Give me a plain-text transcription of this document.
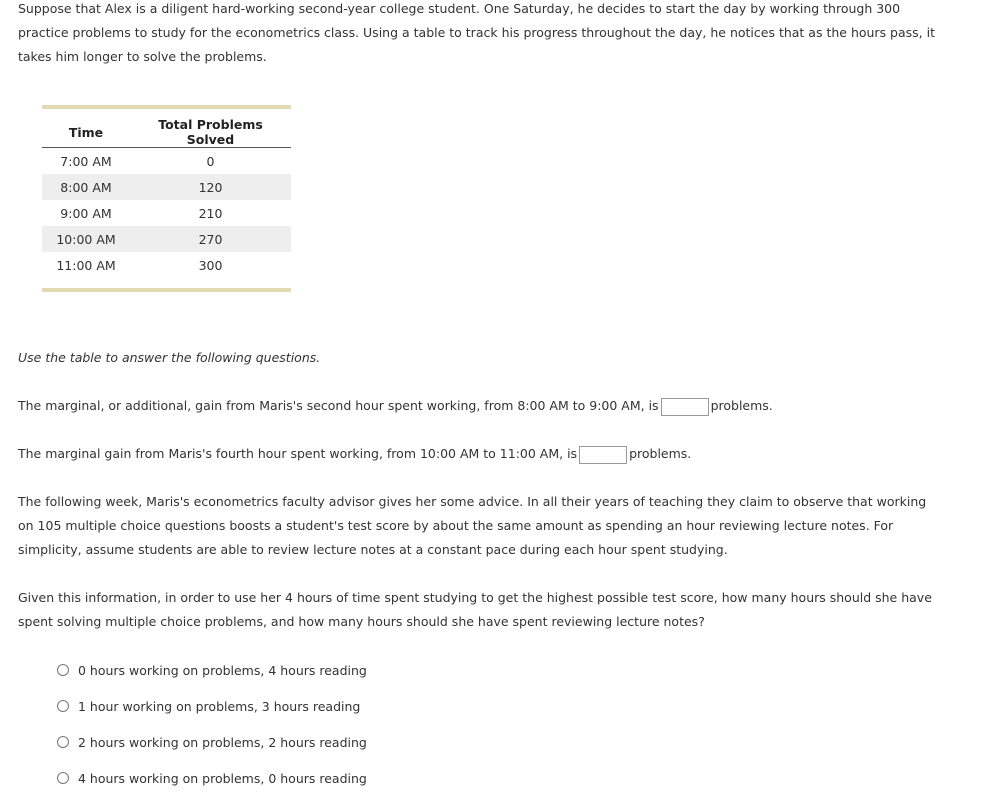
Suppose that Alex is a diligent hard-working second-year college student. One Saturday, he decides to start the day by working through 300 practice problems to study for the econometrics class. Using a table to track his progress throughout the day, he notices that as the hours pass, it takes him longer to solve the problems.

Time	Total Problems Solved
7:00 AM	0
8:00 AM	120
9:00 AM	210
10:00 AM	270
11:00 AM	300

Use the table to answer the following questions.

The marginal, or additional, gain from Maris's second hour spent working, from 8:00 AM to 9:00 AM, is	problems.

The marginal gain from Maris's fourth hour spent working, from 10:00 AM to 11:00 AM, is	problems.

The following week, Maris's econometrics faculty advisor gives her some advice. In all their years of teaching they claim to observe that working on 105 multiple choice questions boosts a student's test score by about the same amount as spending an hour reviewing lecture notes. For simplicity, assume students are able to review lecture notes at a constant pace during each hour spent studying.

Given this information, in order to use her 4 hours of time spent studying to get the highest possible test score, how many hours should she have spent solving multiple choice problems, and how many hours should she have spent reviewing lecture notes?

0 hours working on problems, 4 hours reading
1 hour working on problems, 3 hours reading
2 hours working on problems, 2 hours reading
4 hours working on problems, 0 hours reading
